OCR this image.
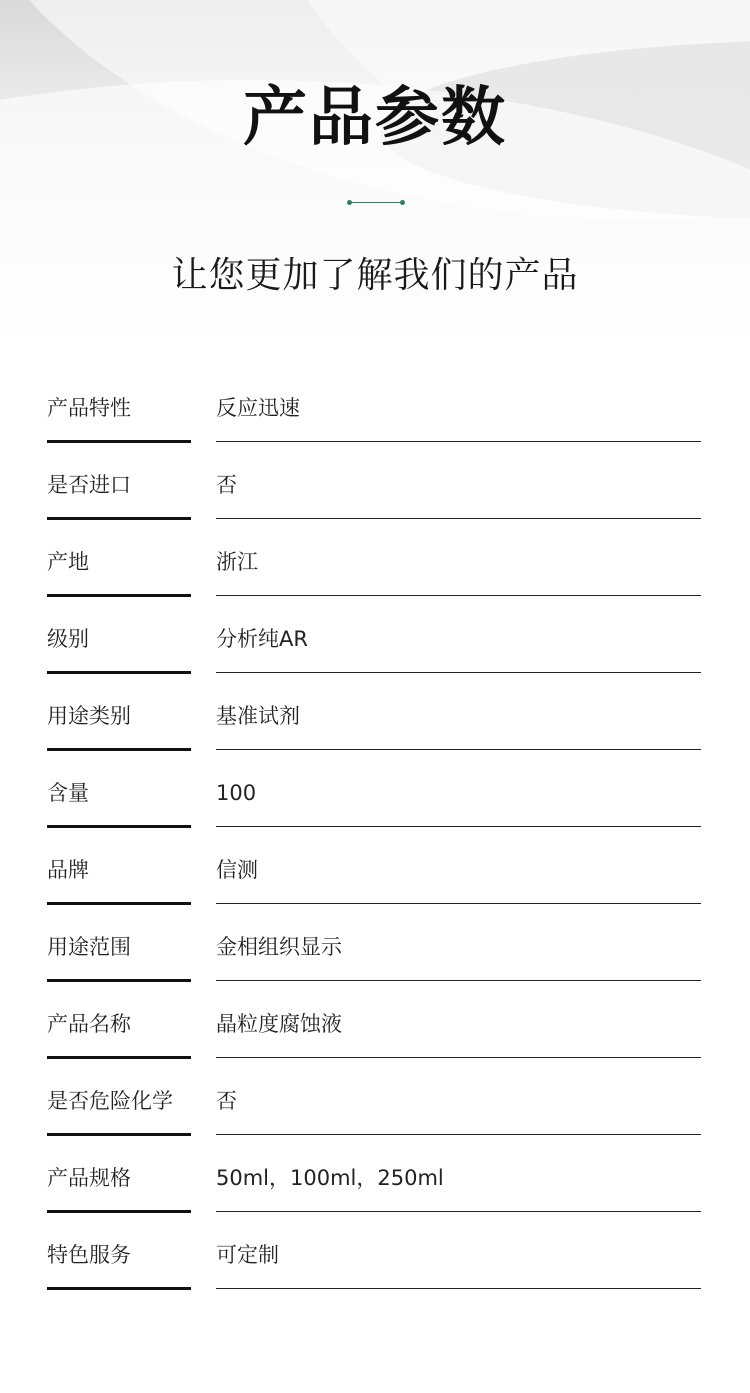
产品参数
让您更加了解我们的产品
产品特性	反应迅速
是否进口	否
产地	浙江
级别	分析纯AR
用途类别	基准试剂
含量	100
品牌	信测
用途范围	金相组织显示
产品名称	晶粒度腐蚀液
是否危险化学 否
产品规格	50ml，100ml，250ml
特色服务	可定制
